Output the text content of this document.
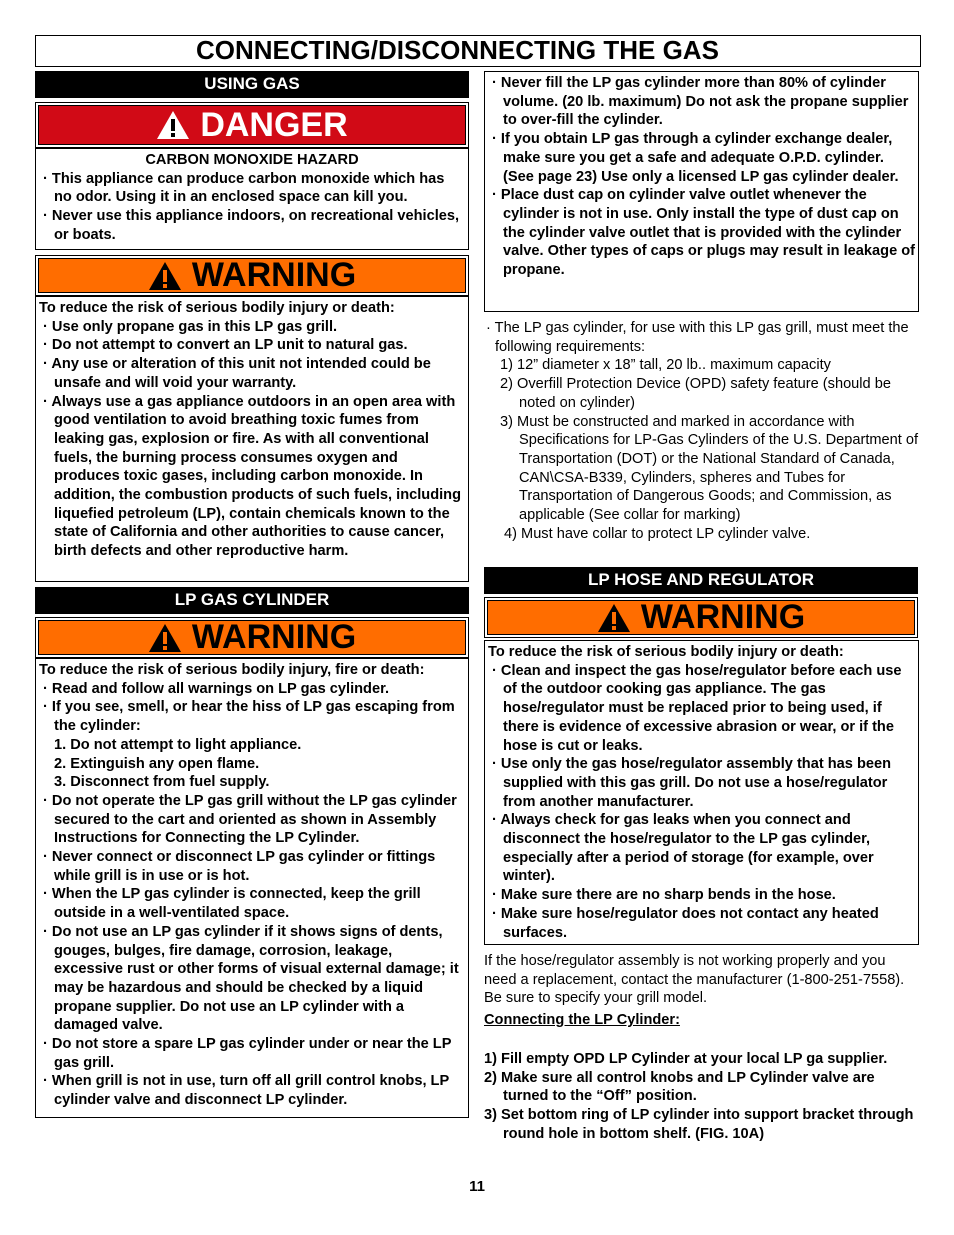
CONNECTING/DISCONNECTING THE GAS
USING GAS
DANGER
CARBON MONOXIDE HAZARD
· This appliance can produce carbon monoxide which has no odor. Using it in an enclosed space can kill you.
· Never use this appliance indoors, on recreational vehicles, or boats.
WARNING
To reduce the risk of serious bodily injury or death:
· Use only propane gas in this LP gas grill.
· Do not attempt to convert an LP unit to natural gas.
· Any use or alteration of this unit not intended could be unsafe and will void your warranty.
· Always use a gas appliance outdoors in an open area with good ventilation to avoid breathing toxic fumes from leaking gas, explosion or fire. As with all conventional fuels, the burning process consumes oxygen and produces toxic gases, including carbon monoxide. In addition, the combustion products of such fuels, including liquefied petroleum (LP), contain chemicals known to the state of California and other authorities to cause cancer, birth defects and other reproductive harm.
LP GAS CYLINDER
WARNING
To reduce the risk of serious bodily injury, fire or death:
· Read and follow all warnings on LP gas cylinder.
· If you see, smell, or hear the hiss of LP gas escaping from the cylinder:
1. Do not attempt to light appliance.
2. Extinguish any open flame.
3. Disconnect from fuel supply.
· Do not operate the LP gas grill without the LP gas cylinder secured to the cart and oriented as shown in Assembly Instructions for Connecting the LP Cylinder.
· Never connect or disconnect LP gas cylinder or fittings while grill is in use or is hot.
· When the LP gas cylinder is connected, keep the grill outside in a well-ventilated space.
· Do not use an LP gas cylinder if it shows signs of dents, gouges, bulges, fire damage, corrosion, leakage, excessive rust or other forms of visual external damage; it may be hazardous and should be checked by a liquid propane supplier. Do not use an LP cylinder with a damaged valve.
· Do not store a spare LP gas cylinder under or near the LP gas grill.
· When grill is not in use, turn off all grill control knobs, LP cylinder valve and disconnect LP cylinder.
· Never fill the LP gas cylinder more than 80% of cylinder volume. (20 lb. maximum) Do not ask the propane supplier to over-fill the cylinder.
· If you obtain LP gas through a cylinder exchange dealer, make sure you get a safe and adequate O.P.D. cylinder. (See page 23) Use only a licensed LP gas cylinder dealer.
· Place dust cap on cylinder valve outlet whenever the cylinder is not in use. Only install the type of dust cap on the cylinder valve outlet that is provided with the cylinder valve. Other types of caps or plugs may result in leakage of propane.
· The LP gas cylinder, for use with this LP gas grill, must meet the following requirements:
1) 12” diameter x 18” tall, 20 lb.. maximum capacity
2) Overfill Protection Device (OPD) safety feature (should be noted on cylinder)
3) Must be constructed and marked in accordance with Specifications for LP-Gas Cylinders of the U.S. Department of Transportation (DOT) or the National Standard of Canada, CAN\CSA-B339, Cylinders, spheres and Tubes for Transportation of Dangerous Goods; and Commission, as applicable (See collar for marking)
4) Must have collar to protect LP cylinder valve.
LP HOSE AND REGULATOR
WARNING
To reduce the risk of serious bodily injury or death:
· Clean and inspect the gas hose/regulator before each use of the outdoor cooking gas appliance. The gas hose/regulator must be replaced prior to being used, if there is evidence of excessive abrasion or wear, or if the hose is cut or leaks.
· Use only the gas hose/regulator assembly that has been supplied with this gas grill. Do not use a hose/regulator from another manufacturer.
· Always check for gas leaks when you connect and disconnect the hose/regulator to the LP gas cylinder, especially after a period of storage (for example, over winter).
· Make sure there are no sharp bends in the hose.
· Make sure hose/regulator does not contact any heated surfaces.
If the hose/regulator assembly is not working properly and you need a replacement, contact the manufacturer (1-800-251-7558). Be sure to specify your grill model.
Connecting the LP Cylinder:
1) Fill empty OPD LP Cylinder at your local LP ga supplier.
2) Make sure all control knobs and LP Cylinder valve are turned to the “Off” position.
3) Set bottom ring of LP cylinder into support bracket through round hole in bottom shelf. (FIG. 10A)
11
